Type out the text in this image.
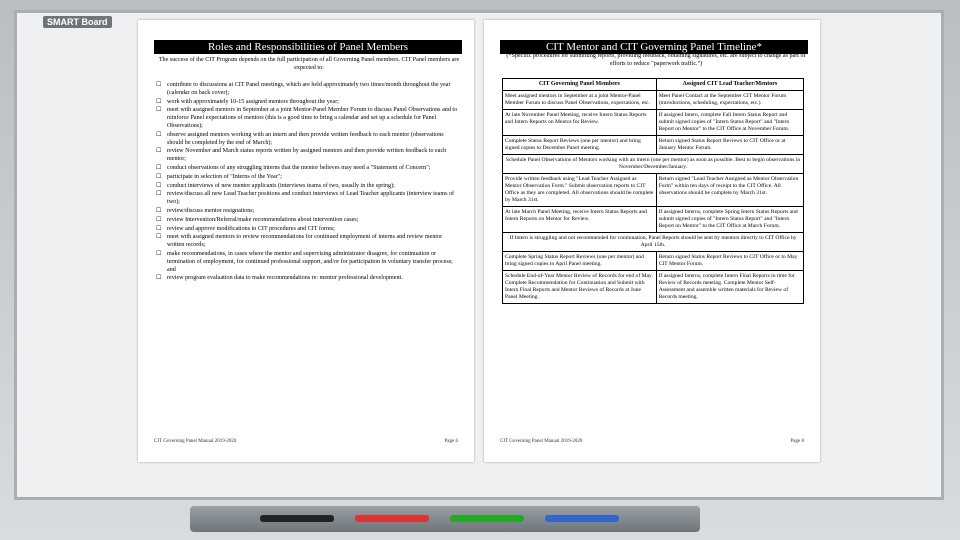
SMART Board
Roles and Responsibilities of Panel Members
The success of the CIT Program depends on the full participation of all Governing Panel members. CIT Panel members are expected to:
☐ contribute to discussions at CIT Panel meetings, which are held approximately two times/month throughout the year (calendar on back cover);
☐ work with approximately 10-15 assigned mentors throughout the year;
☐ meet with assigned mentors in September at a joint Mentor-Panel Member Forum to discuss Panel Observations and to reinforce Panel expectations of mentors (this is a good time to bring a calendar and set up a schedule for Panel Observations);
☐ observe assigned mentors working with an intern and then provide written feedback to each mentor (observations should be completed by the end of March);
☐ review November and March status reports written by assigned mentors and then provide written feedback to each mentor;
☐ conduct observations of any struggling interns that the mentor believes may need a "Statement of Concern";
☐ participate in selection of "Interns of the Year";
☐ conduct interviews of new mentor applicants (interviews teams of two, usually in the spring);
☐ review/discuss all new Lead Teacher positions and conduct interviews of Lead Teacher applicants (interview teams of two);
☐ review/discuss mentor resignations;
☐ review Intervention/Referral/make recommendations about intervention cases;
☐ review and approve modifications to CIT procedures and CIT forms;
☐ meet with assigned mentors to review recommendations for continued employment of interns and review mentor written records;
☐ make recommendations, in cases where the mentor and supervising administrator disagree, for continuation or termination of employment, for continued professional support, and/or for participation in voluntary transfer process; and
☐ review program evaluation data to make recommendations re: mentor professional development.
CIT Governing Panel Manual 2019-2020	Page 6
CIT Mentor and CIT Governing Panel Timeline*
(*Specific procedures for submitting reports, providing feedback, obtaining signatures, etc. are subject to change as part of efforts to reduce "paperwork traffic.")
CIT Governing Panel Members	Assigned CIT Lead Teacher/Mentors
Meet assigned mentors in September at a joint Mentor-Panel Member Forum to discuss Panel Observations, expectations, etc.	Meet Panel Contact at the September CIT Mentor Forum (introductions, scheduling, expectations, etc.).
At late November Panel Meeting, receive Intern Status Reports and Intern Reports on Mentor for Review.	If assigned Intern, complete Fall Intern Status Report and submit signed copies of "Intern Status Report" and "Intern Report on Mentor" to the CIT Office at November Forum.
Complete Status Report Reviews (one per mentor) and bring signed copies to December Panel meeting.	Return signed Status Report Reviews to CIT Office or at January Mentor Forum.
Schedule Panel Observations of Mentors working with an intern (one per mentor) as soon as possible. Best to begin observations in November/December/January.	
Provide written feedback using "Lead Teacher Assigned as Mentor Observation Form." Submit observation reports to CIT Office as they are completed. All observations should be complete by March 31st.	Return signed "Lead Teacher Assigned as Mentor Observation Form" within ten days of receipt to the CIT Office. All observations should be complete by March 31st.
At late March Panel Meeting, receive Intern Status Reports and Intern Reports on Mentor for Review.	If assigned Interns, complete Spring Intern Status Reports and submit signed copies of "Intern Status Report" and "Intern Report on Mentor" to the CIT Office at March Forum.
If Intern is struggling and not recommended for continuation, Panel Reports should be sent by mentors directly to CIT Office by April 15th.	
Complete Spring Status Report Reviews (one per mentor) and bring signed copies to April Panel meeting.	Return signed Status Report Reviews to CIT Office or to May CIT Mentor Forum.
Schedule End-of-Year Mentor Review of Records for end of May. Complete Recommendation for Continuation and Submit with Intern Final Reports and Mentor Reviews of Records at June Panel Meeting.	If assigned Interns, complete Intern Final Reports in time for Review of Records meeting. Complete Mentor Self-Assessment and assemble written materials for Review of Records meeting.
CIT Governing Panel Manual 2019-2020	Page 8
